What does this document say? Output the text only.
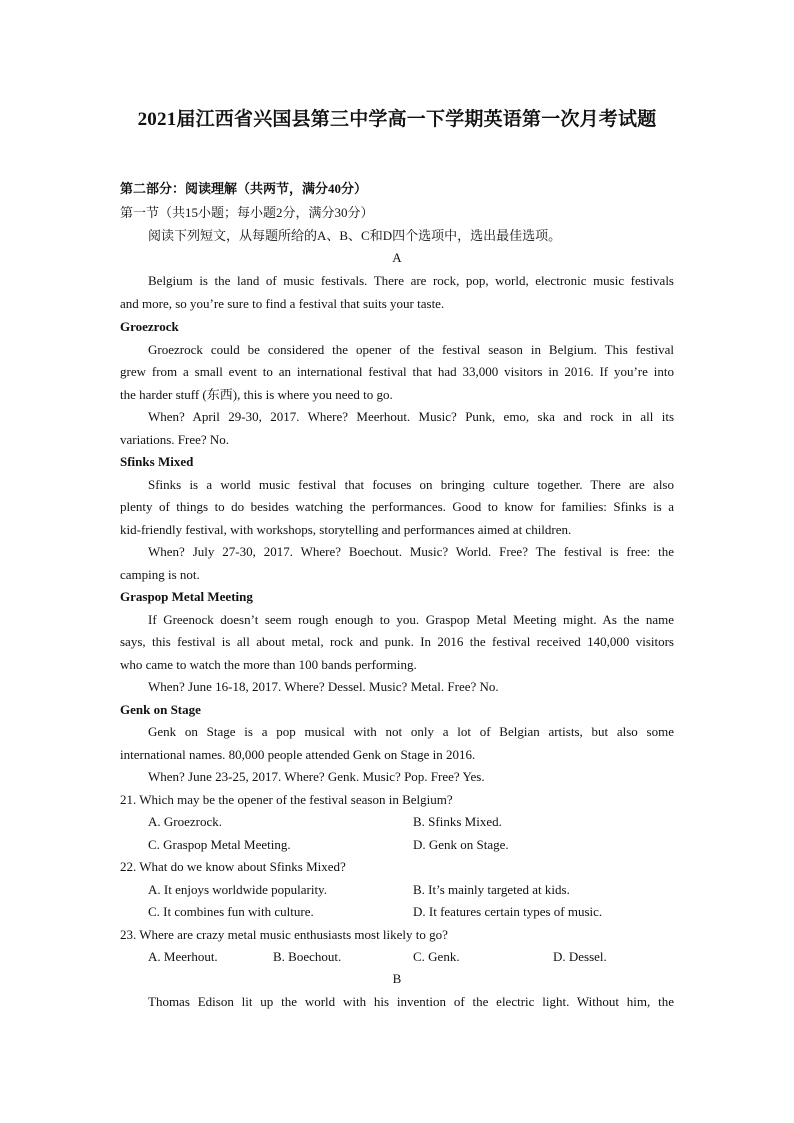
2021届江西省兴国县第三中学高一下学期英语第一次月考试题
第二部分：阅读理解（共两节，满分40分）
第一节（共15小题；每小题2分，满分30分）
阅读下列短文，从每题所给的A、B、C和D四个选项中，选出最佳选项。
A
Belgium is the land of music festivals. There are rock, pop, world, electronic music festivals
and more, so you’re sure to find a festival that suits your taste.
Groezrock
Groezrock could be considered the opener of the festival season in Belgium. This festival
grew from a small event to an international festival that had 33,000 visitors in 2016. If you’re into
the harder stuff (东西), this is where you need to go.
When? April 29-30, 2017. Where? Meerhout. Music? Punk, emo, ska and rock in all its
variations. Free? No.
Sfinks Mixed
Sfinks is a world music festival that focuses on bringing culture together. There are also
plenty of things to do besides watching the performances. Good to know for families: Sfinks is a
kid-friendly festival, with workshops, storytelling and performances aimed at children.
When? July 27-30, 2017. Where? Boechout. Music? World. Free? The festival is free: the
camping is not.
Graspop Metal Meeting
If Greenock doesn’t seem rough enough to you. Graspop Metal Meeting might. As the name
says, this festival is all about metal, rock and punk. In 2016 the festival received 140,000 visitors
who came to watch the more than 100 bands performing.
When? June 16-18, 2017. Where? Dessel. Music? Metal. Free? No.
Genk on Stage
Genk on Stage is a pop musical with not only a lot of Belgian artists, but also some
international names. 80,000 people attended Genk on Stage in 2016.
When? June 23-25, 2017. Where? Genk. Music? Pop. Free? Yes.
21. Which may be the opener of the festival season in Belgium?
A. Groezrock.	B. Sfinks Mixed.
C. Graspop Metal Meeting.	D. Genk on Stage.
22. What do we know about Sfinks Mixed?
A. It enjoys worldwide popularity.	B. It’s mainly targeted at kids.
C. It combines fun with culture.	D. It features certain types of music.
23. Where are crazy metal music enthusiasts most likely to go?
A. Meerhout.	B. Boechout.	C. Genk.	D. Dessel.
B
Thomas Edison lit up the world with his invention of the electric light. Without him, the
